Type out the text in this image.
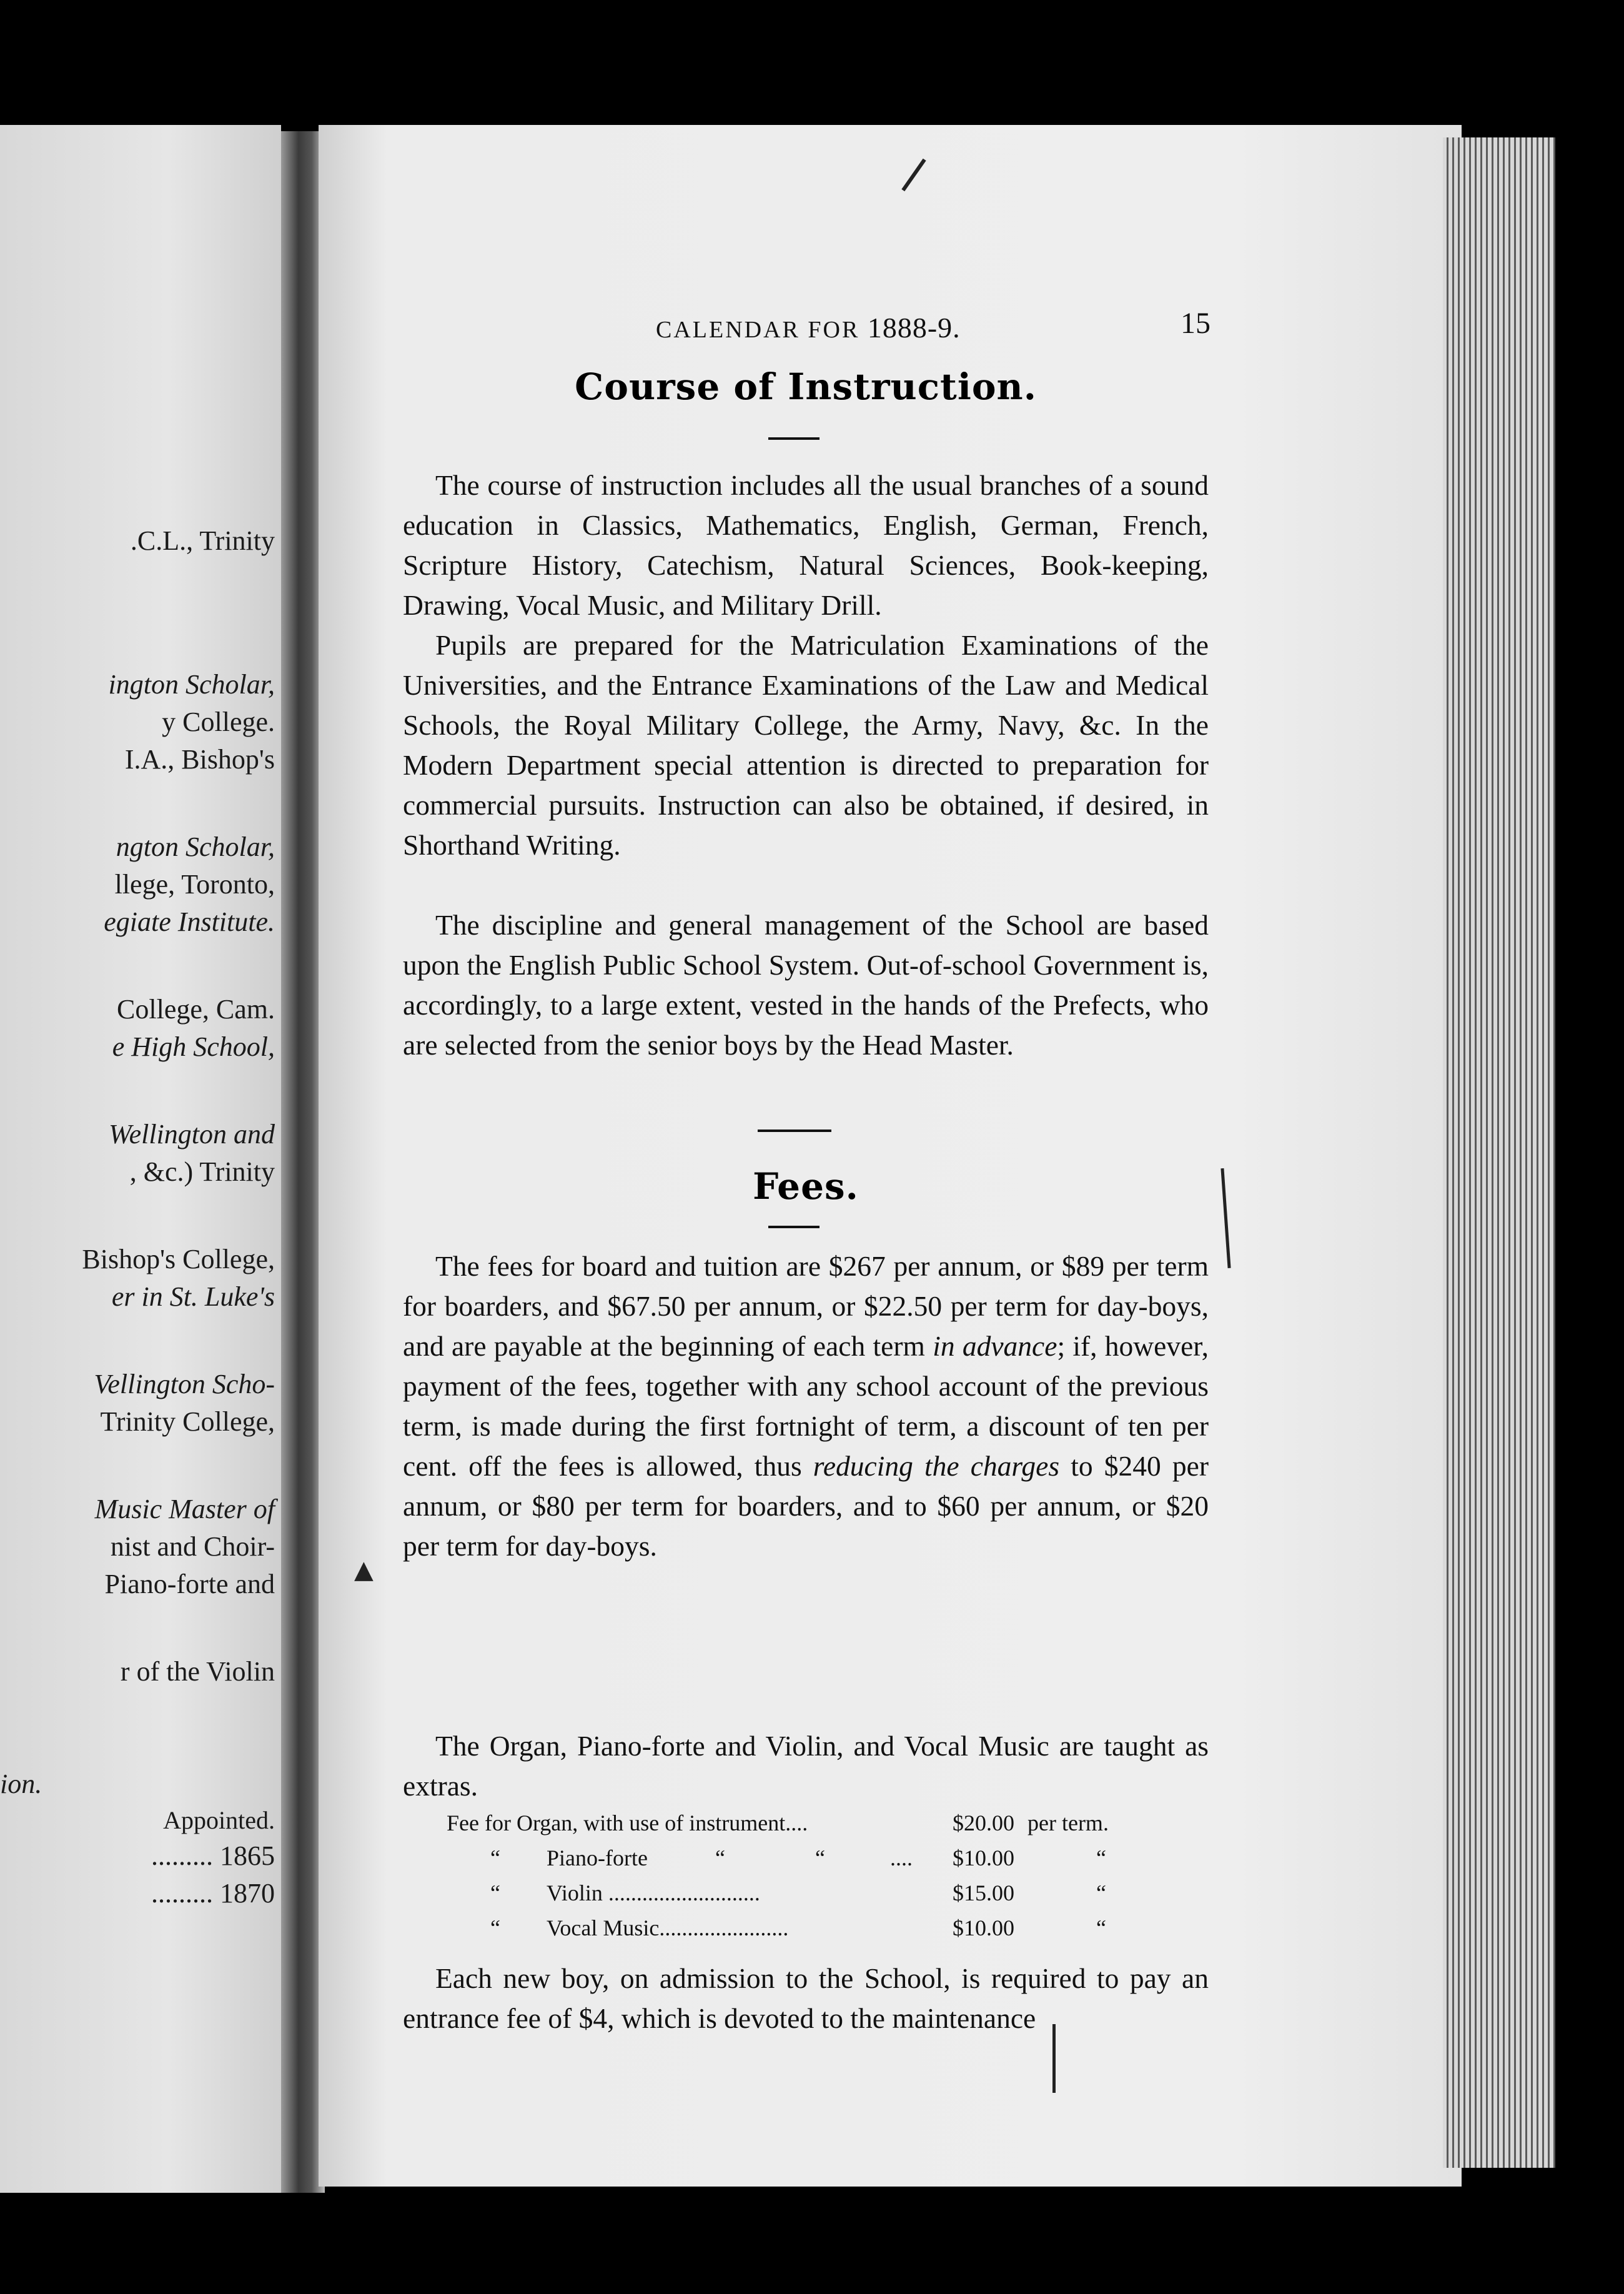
.C.L., Trinity
ington Scholar,
y College.
I.A., Bishop's
ngton Scholar,
llege, Toronto,
egiate Institute.
College, Cam.
e High School,
Wellington and
, &c.) Trinity
Bishop's College,
er in St. Luke's
Vellington Scho-
Trinity College,
Music Master of
nist and Choir-
Piano-forte and
r of the Violin
ion.
Appointed.
......... 1865
......... 1870
CALENDAR FOR 1888-9.	15
Course of Instruction.

The course of instruction includes all the usual branches of a sound education in Classics, Mathematics, English, German, French, Scripture History, Catechism, Natural Sciences, Book-keeping, Drawing, Vocal Music, and Military Drill.

Pupils are prepared for the Matriculation Examinations of the Universities, and the Entrance Examinations of the Law and Medical Schools, the Royal Military College, the Army, Navy, &c. In the Modern Department special attention is directed to preparation for commercial pursuits. Instruction can also be obtained, if desired, in Shorthand Writing.

The discipline and general management of the School are based upon the English Public School System. Out-of-school Government is, accordingly, to a large extent, vested in the hands of the Prefects, who are selected from the senior boys by the Head Master.

Fees.

The fees for board and tuition are $267 per annum, or $89 per term for boarders, and $67.50 per annum, or $22.50 per term for day-boys, and are payable at the beginning of each term in advance; if, however, payment of the fees, together with any school account of the previous term, is made during the first fortnight of term, a discount of ten per cent. off the fees is allowed, thus reducing the charges to $240 per annum, or $80 per term for boarders, and to $60 per annum, or $20 per term for day-boys.

The Organ, Piano-forte and Violin, and Vocal Music are taught as extras.

Fee for Organ, with use of instrument....	$20.00 per term.
“ Piano-forte	“	“	.... $10.00	“
“ Violin ...........................	$15.00	“
“ Vocal Music.......................	$10.00	“

Each new boy, on admission to the School, is required to pay an entrance fee of $4, which is devoted to the maintenance

▲
